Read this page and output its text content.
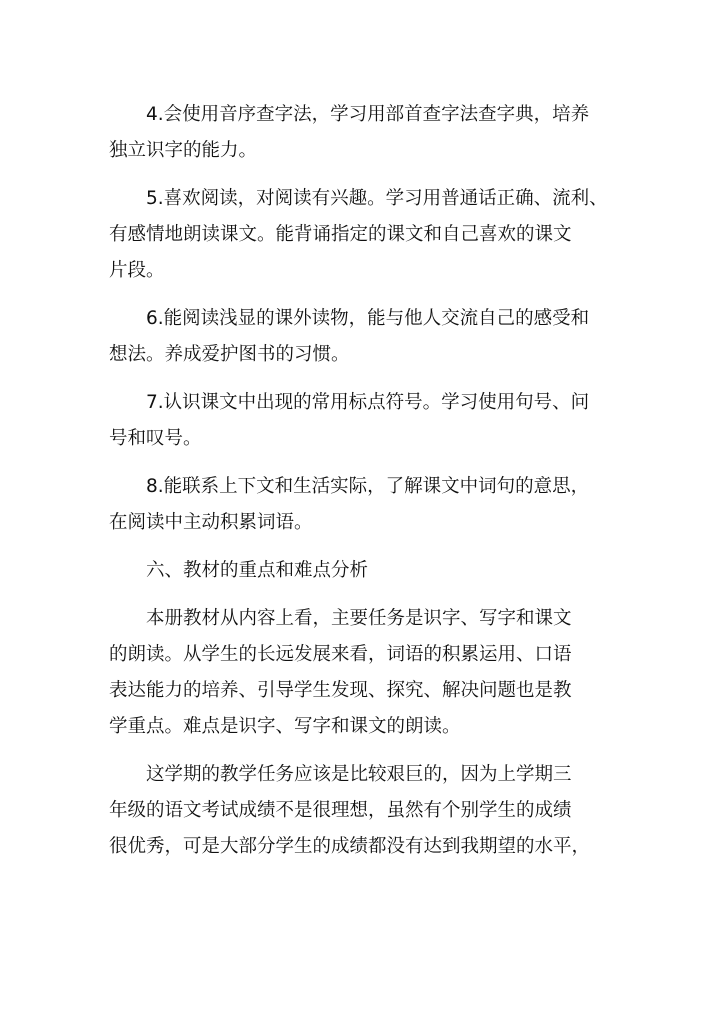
4.会使用音序查字法，学习用部首查字法查字典，培养
独立识字的能力。
5.喜欢阅读，对阅读有兴趣。学习用普通话正确、流利、
有感情地朗读课文。能背诵指定的课文和自己喜欢的课文
片段。
6.能阅读浅显的课外读物，能与他人交流自己的感受和
想法。养成爱护图书的习惯。
7.认识课文中出现的常用标点符号。学习使用句号、问
号和叹号。
8.能联系上下文和生活实际，了解课文中词句的意思，
在阅读中主动积累词语。
六、教材的重点和难点分析
本册教材从内容上看，主要任务是识字、写字和课文
的朗读。从学生的长远发展来看，词语的积累运用、口语
表达能力的培养、引导学生发现、探究、解决问题也是教
学重点。难点是识字、写字和课文的朗读。
这学期的教学任务应该是比较艰巨的，因为上学期三
年级的语文考试成绩不是很理想，虽然有个别学生的成绩
很优秀，可是大部分学生的成绩都没有达到我期望的水平，
